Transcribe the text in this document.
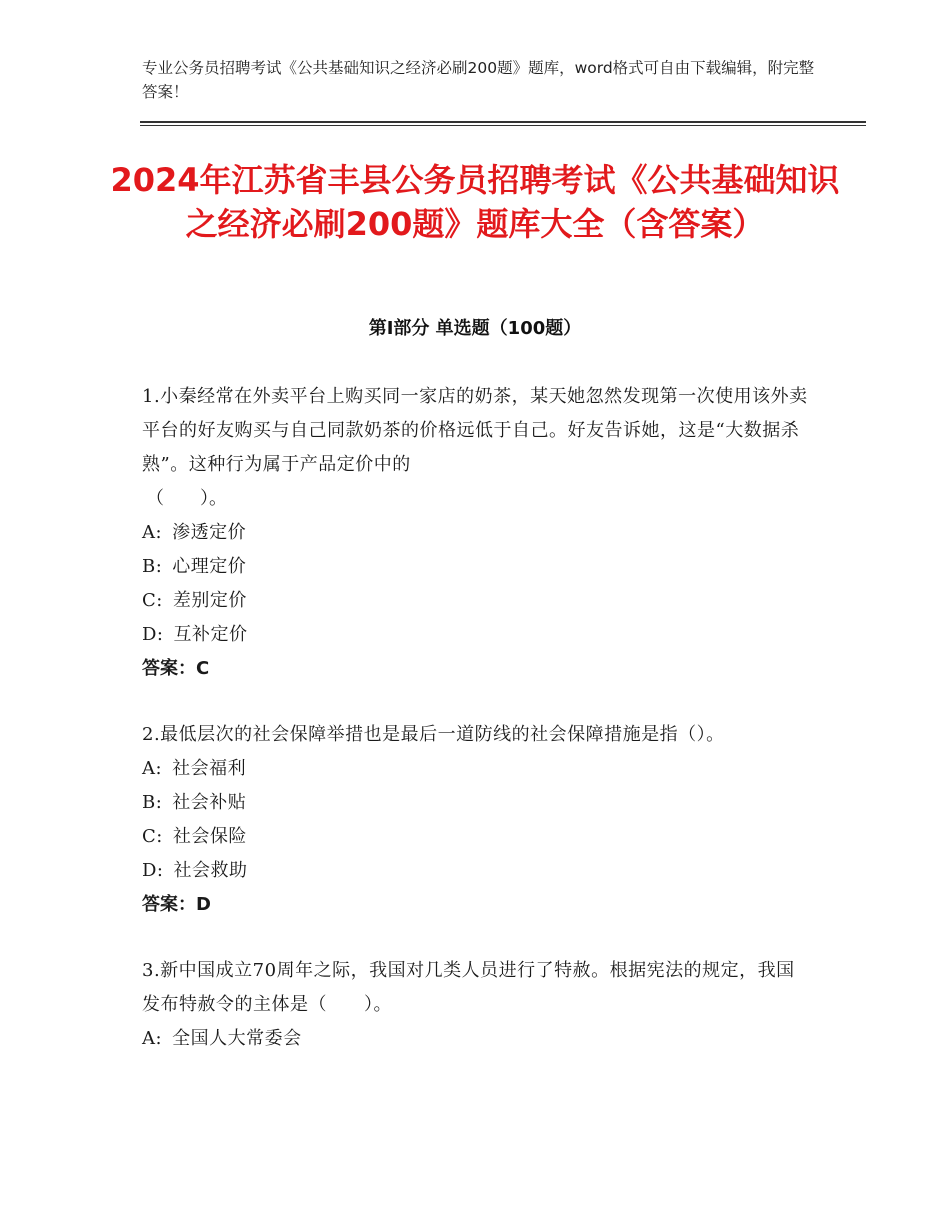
专业公务员招聘考试《公共基础知识之经济必刷200题》题库，word格式可自由下载编辑，附完整答案！
2024年江苏省丰县公务员招聘考试《公共基础知识之经济必刷200题》题库大全（含答案）
第I部分 单选题（100题）

1.小秦经常在外卖平台上购买同一家店的奶茶，某天她忽然发现第一次使用该外卖平台的好友购买与自己同款奶茶的价格远低于自己。好友告诉她，这是“大数据杀熟”。这种行为属于产品定价中的

（　　）。

A: 渗透定价

B: 心理定价

C: 差别定价

D: 互补定价

答案：C

2.最低层次的社会保障举措也是最后一道防线的社会保障措施是指（）。

A: 社会福利

B: 社会补贴

C: 社会保险

D: 社会救助

答案：D

3.新中国成立70周年之际，我国对几类人员进行了特赦。根据宪法的规定，我国发布特赦令的主体是（　　）。

A: 全国人大常委会
